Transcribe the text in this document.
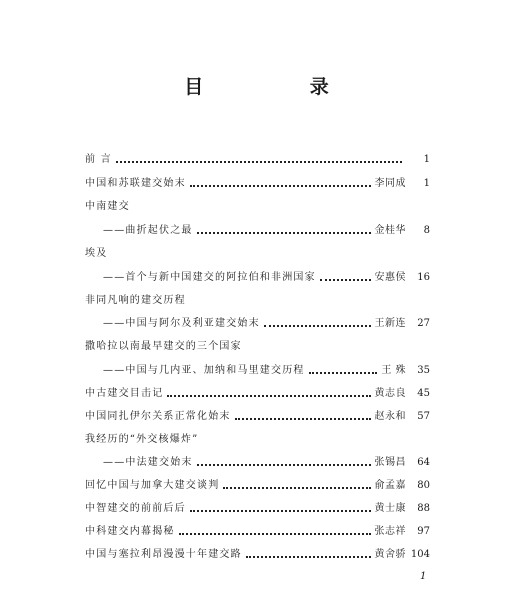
目 录
前 言	1
中国和苏联建交始末	李同成	1
中南建交
——曲折起伏之最	金桂华	8
埃及
——首个与新中国建交的阿拉伯和非洲国家	安惠侯	16
非同凡响的建交历程
——中国与阿尔及利亚建交始末	王新连	27
撒哈拉以南最早建交的三个国家
——中国与几内亚、加纳和马里建交历程	王 殊	35
中古建交目击记	黄志良	45
中国同扎伊尔关系正常化始末	赵永和	57
我经历的“外交核爆炸”
——中法建交始末	张锡昌	64
回忆中国与加拿大建交谈判	俞孟嘉	80
中智建交的前前后后	黄士康	88
中科建交内幕揭秘	张志祥	97
中国与塞拉利昂漫漫十年建交路	黄舍骄 104
1
